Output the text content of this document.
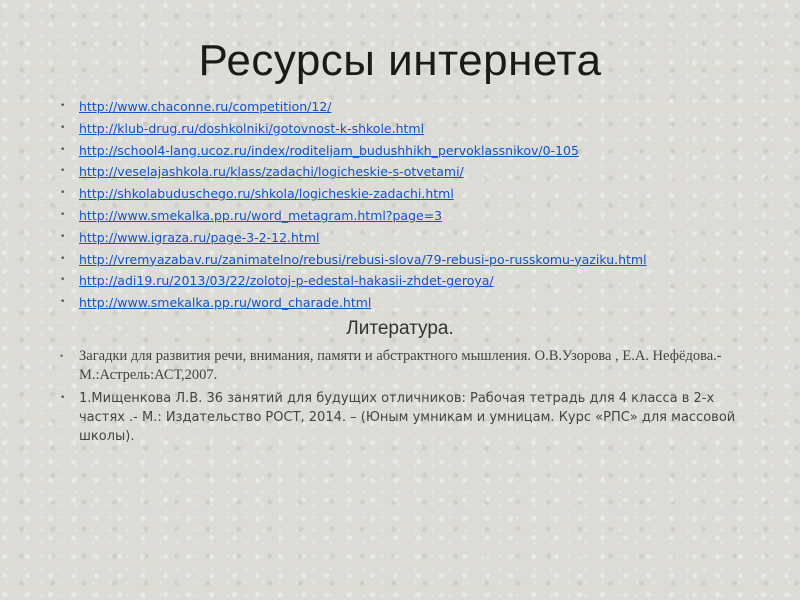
Ресурсы интернета
•	http://www.chaconne.ru/competition/12/
•	http://klub-drug.ru/doshkolniki/gotovnost-k-shkole.html
•	http://school4-lang.ucoz.ru/index/roditeljam_budushhikh_pervoklassnikov/0-105
•	http://veselajashkola.ru/klass/zadachi/logicheskie-s-otvetami/
•	http://shkolabuduschego.ru/shkola/logicheskie-zadachi.html
•	http://www.smekalka.pp.ru/word_metagram.html?page=3
•	http://www.igraza.ru/page-3-2-12.html
•	http://vremyazabav.ru/zanimatelno/rebusi/rebusi-slova/79-rebusi-po-russkomu-yaziku.html
•	http://adi19.ru/2013/03/22/zolotoj-p-edestal-hakasii-zhdet-geroya/
•	http://www.smekalka.pp.ru/word_charade.html
Литература.
•	Загадки для развития речи, внимания, памяти и абстрактного мышления. О.В.Узорова , Е.А. Нефёдова.-М.:Астрель:АСТ,2007.
•	1.Мищенкова Л.В. 36 занятий для будущих отличников: Рабочая тетрадь для 4 класса в 2-х частях .- М.: Издательство РОСТ, 2014. – (Юным умникам и умницам. Курс «РПС» для массовой школы).
